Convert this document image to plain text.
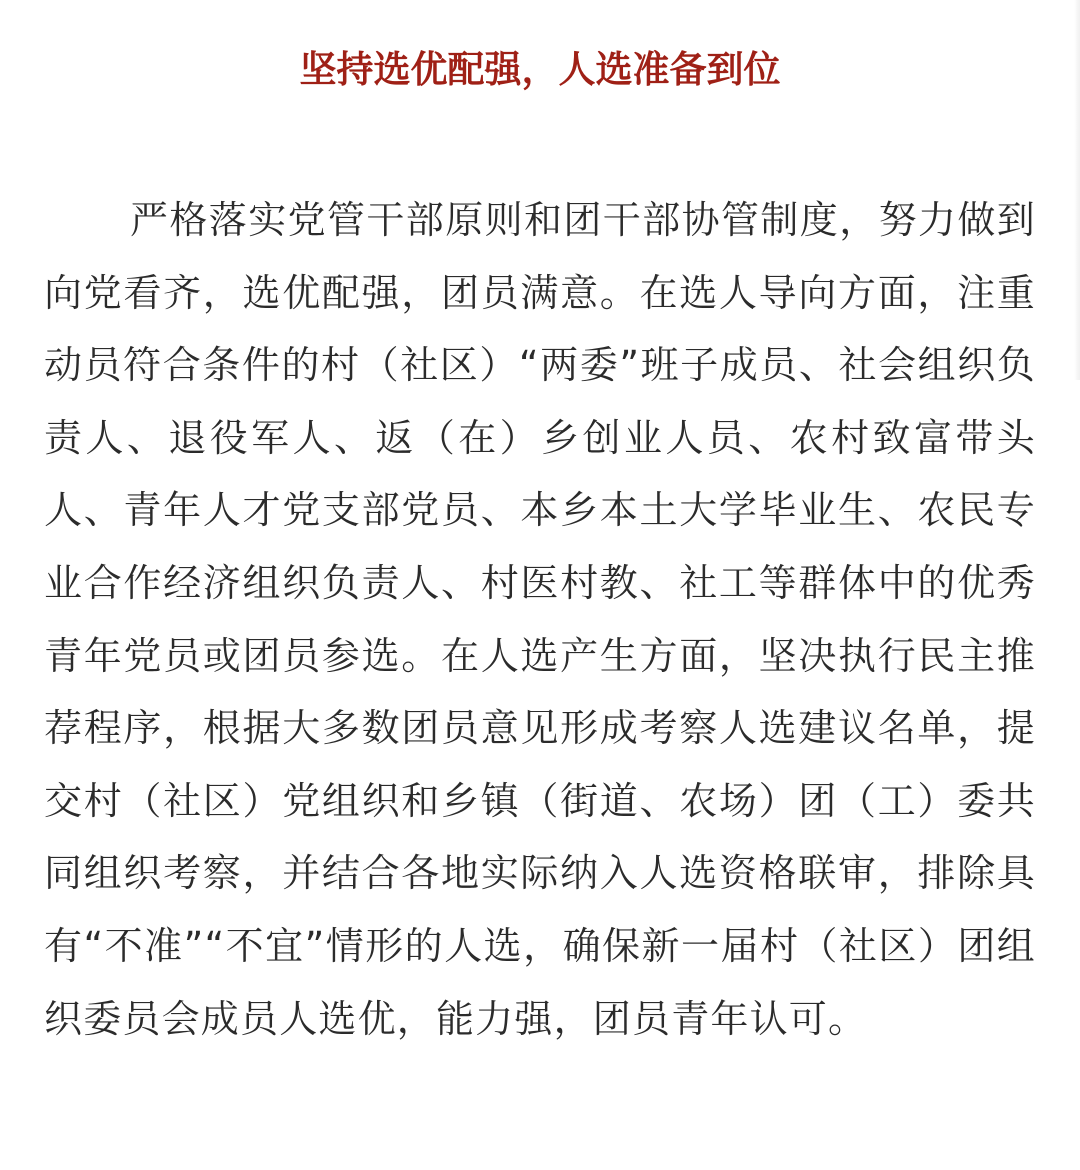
坚持选优配强，人选准备到位

严格落实党管干部原则和团干部协管制度，努力做到向党看齐，选优配强，团员满意。在选人导向方面，注重动员符合条件的村（社区）“两委”班子成员、社会组织负责人、退役军人、返（在）乡创业人员、农村致富带头人、青年人才党支部党员、本乡本土大学毕业生、农民专业合作经济组织负责人、村医村教、社工等群体中的优秀青年党员或团员参选。在人选产生方面，坚决执行民主推荐程序，根据大多数团员意见形成考察人选建议名单，提交村（社区）党组织和乡镇（街道、农场）团（工）委共同组织考察，并结合各地实际纳入人选资格联审，排除具有“不准”“不宜”情形的人选，确保新一届村（社区）团组织委员会成员人选优，能力强，团员青年认可。
